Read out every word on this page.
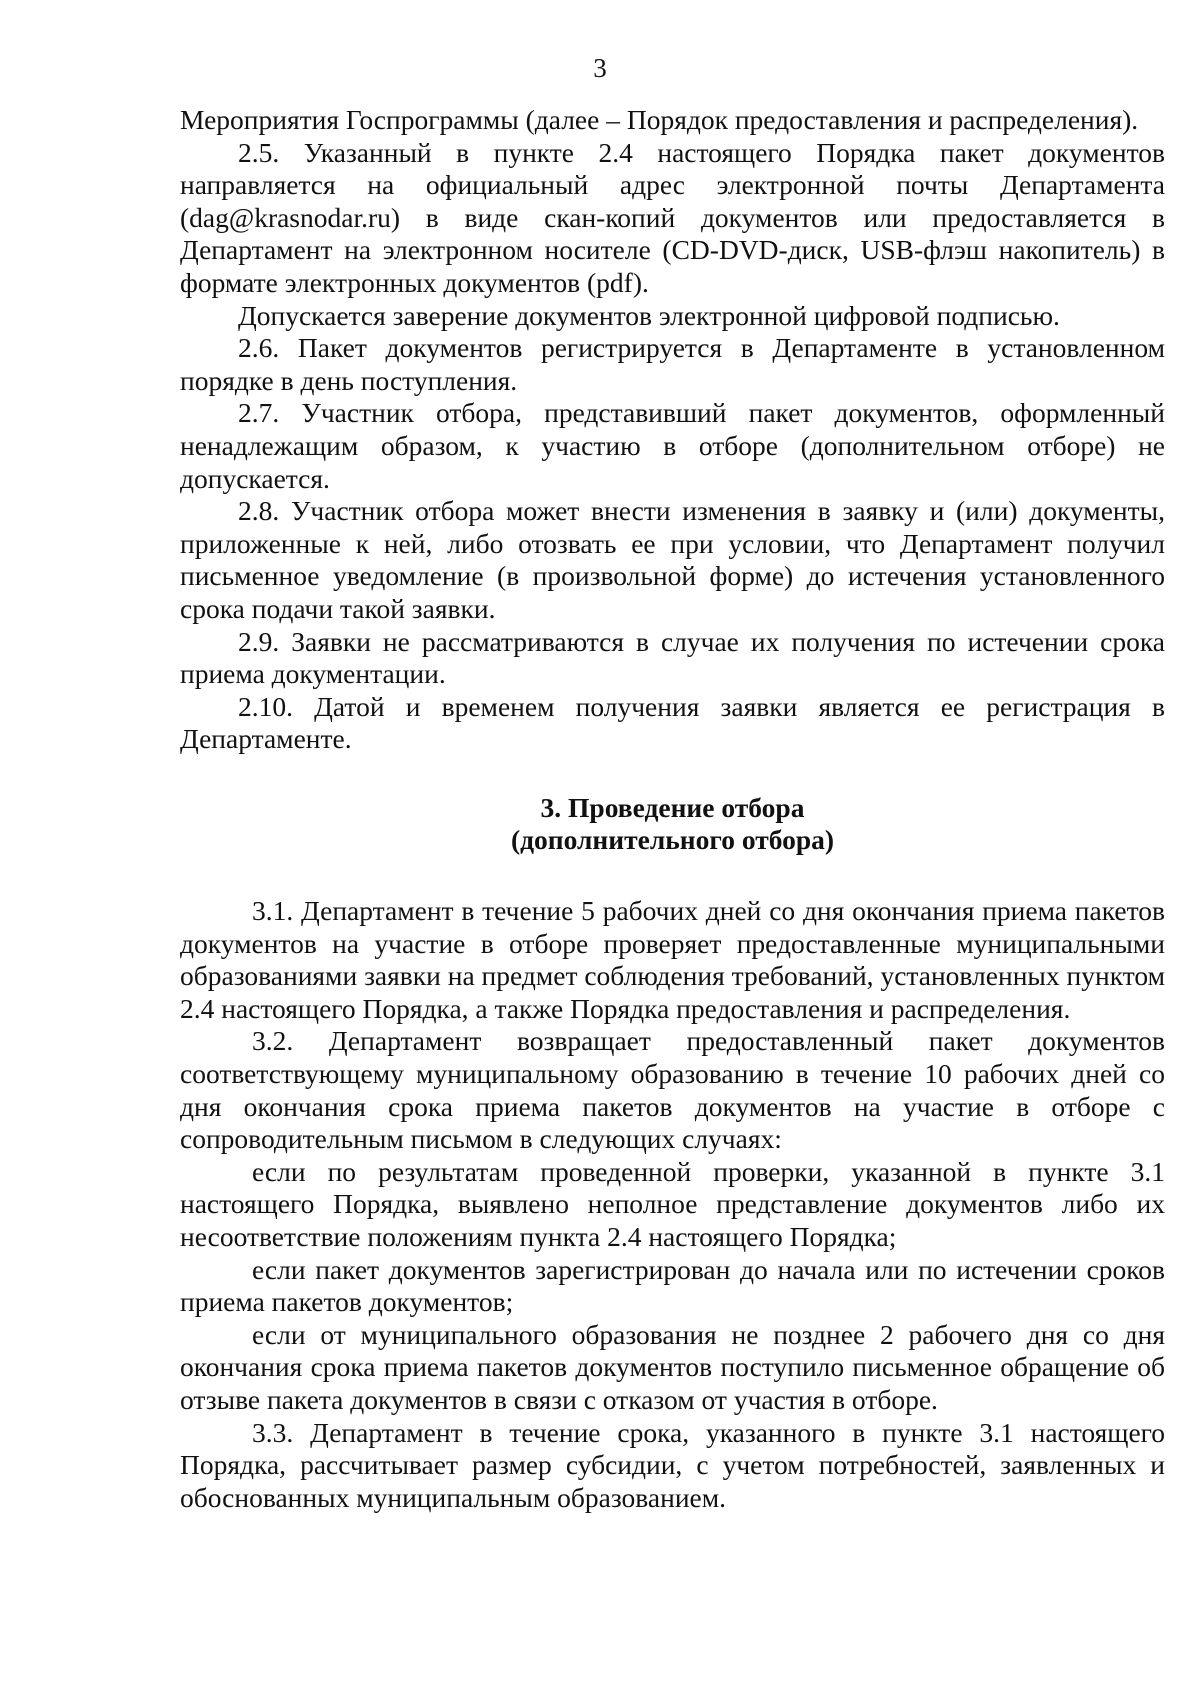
3

Мероприятия Госпрограммы (далее – Порядок предоставления и распределения).

2.5. Указанный в пункте 2.4 настоящего Порядка пакет документов направляется на официальный адрес электронной почты Департамента (dag@krasnodar.ru) в виде скан-копий документов или предоставляется в Департамент на электронном носителе (CD-DVD-диск, USB-флэш накопитель) в формате электронных документов (pdf).

Допускается заверение документов электронной цифровой подписью.

2.6. Пакет документов регистрируется в Департаменте в установленном порядке в день поступления.

2.7. Участник отбора, представивший пакет документов, оформленный ненадлежащим образом, к участию в отборе (дополнительном отборе) не допускается.

2.8. Участник отбора может внести изменения в заявку и (или) документы, приложенные к ней, либо отозвать ее при условии, что Департамент получил письменное уведомление (в произвольной форме) до истечения установленного срока подачи такой заявки.

2.9. Заявки не рассматриваются в случае их получения по истечении срока приема документации.

2.10. Датой и временем получения заявки является ее регистрация в Департаменте.

3. Проведение отбора

(дополнительного отбора)

3.1. Департамент в течение 5 рабочих дней со дня окончания приема пакетов документов на участие в отборе проверяет предоставленные муниципальными образованиями заявки на предмет соблюдения требований, установленных пунктом 2.4 настоящего Порядка, а также Порядка предоставления и распределения.

3.2. Департамент возвращает предоставленный пакет документов соответствующему муниципальному образованию в течение 10 рабочих дней со дня окончания срока приема пакетов документов на участие в отборе с сопроводительным письмом в следующих случаях:

если по результатам проведенной проверки, указанной в пункте 3.1 настоящего Порядка, выявлено неполное представление документов либо их несоответствие положениям пункта 2.4 настоящего Порядка;

если пакет документов зарегистрирован до начала или по истечении сроков приема пакетов документов;

если от муниципального образования не позднее 2 рабочего дня со дня окончания срока приема пакетов документов поступило письменное обращение об отзыве пакета документов в связи с отказом от участия в отборе.

3.3. Департамент в течение срока, указанного в пункте 3.1 настоящего Порядка, рассчитывает размер субсидии, с учетом потребностей, заявленных и обоснованных муниципальным образованием.
